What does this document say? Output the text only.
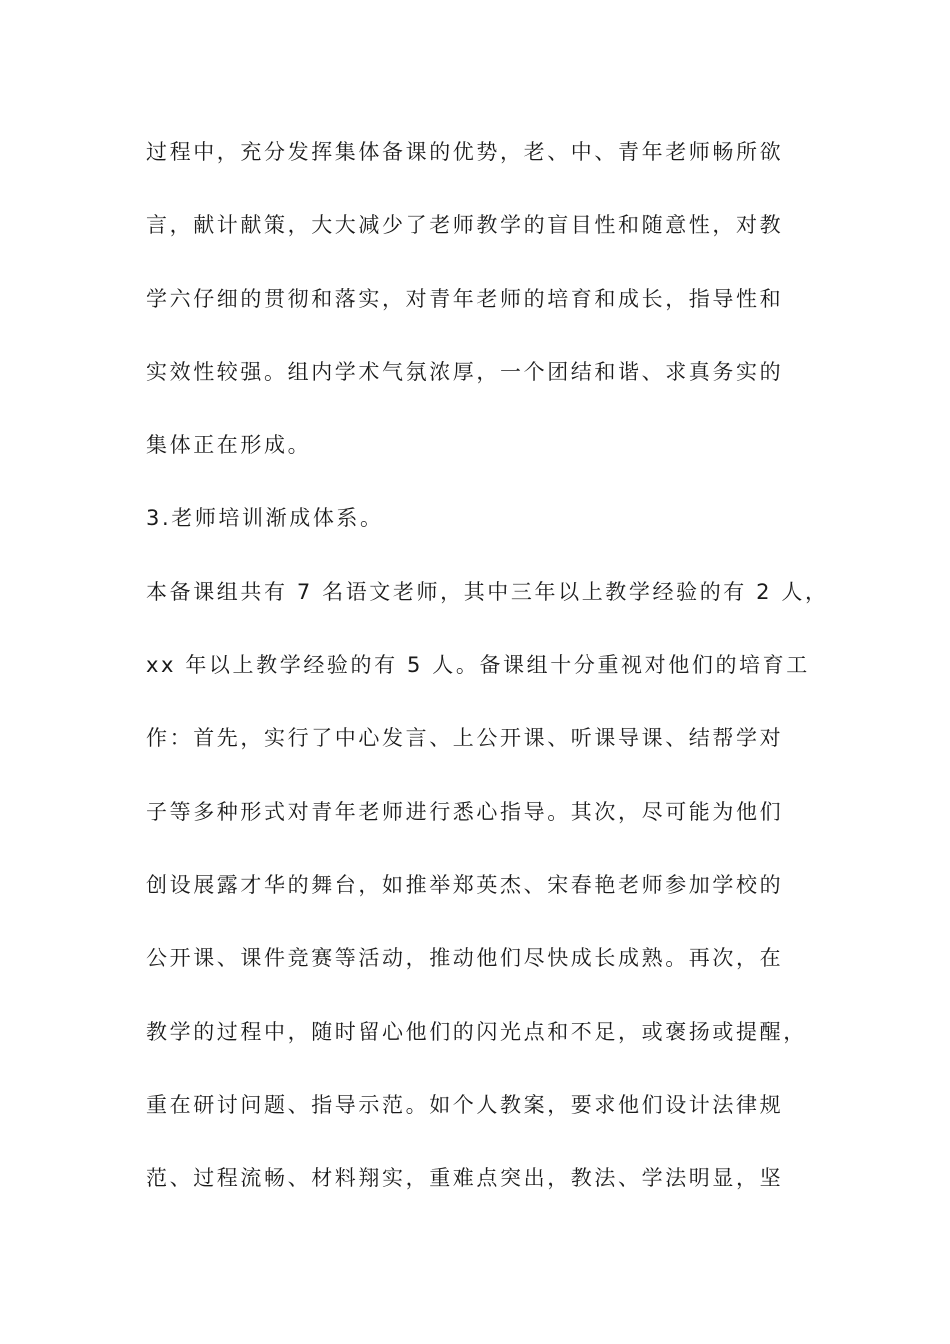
过程中，充分发挥集体备课的优势，老、中、青年老师畅所欲
言，献计献策，大大减少了老师教学的盲目性和随意性，对教
学六仔细的贯彻和落实，对青年老师的培育和成长，指导性和
实效性较强。组内学术气氛浓厚，一个团结和谐、求真务实的
集体正在形成。
3.老师培训渐成体系。
本备课组共有 7 名语文老师，其中三年以上教学经验的有 2 人，
xx 年以上教学经验的有 5 人。备课组十分重视对他们的培育工
作：首先，实行了中心发言、上公开课、听课导课、结帮学对
子等多种形式对青年老师进行悉心指导。其次，尽可能为他们
创设展露才华的舞台，如推举郑英杰、宋春艳老师参加学校的
公开课、课件竞赛等活动，推动他们尽快成长成熟。再次，在
教学的过程中，随时留心他们的闪光点和不足，或褒扬或提醒，
重在研讨问题、指导示范。如个人教案，要求他们设计法律规
范、过程流畅、材料翔实，重难点突出，教法、学法明显，坚
